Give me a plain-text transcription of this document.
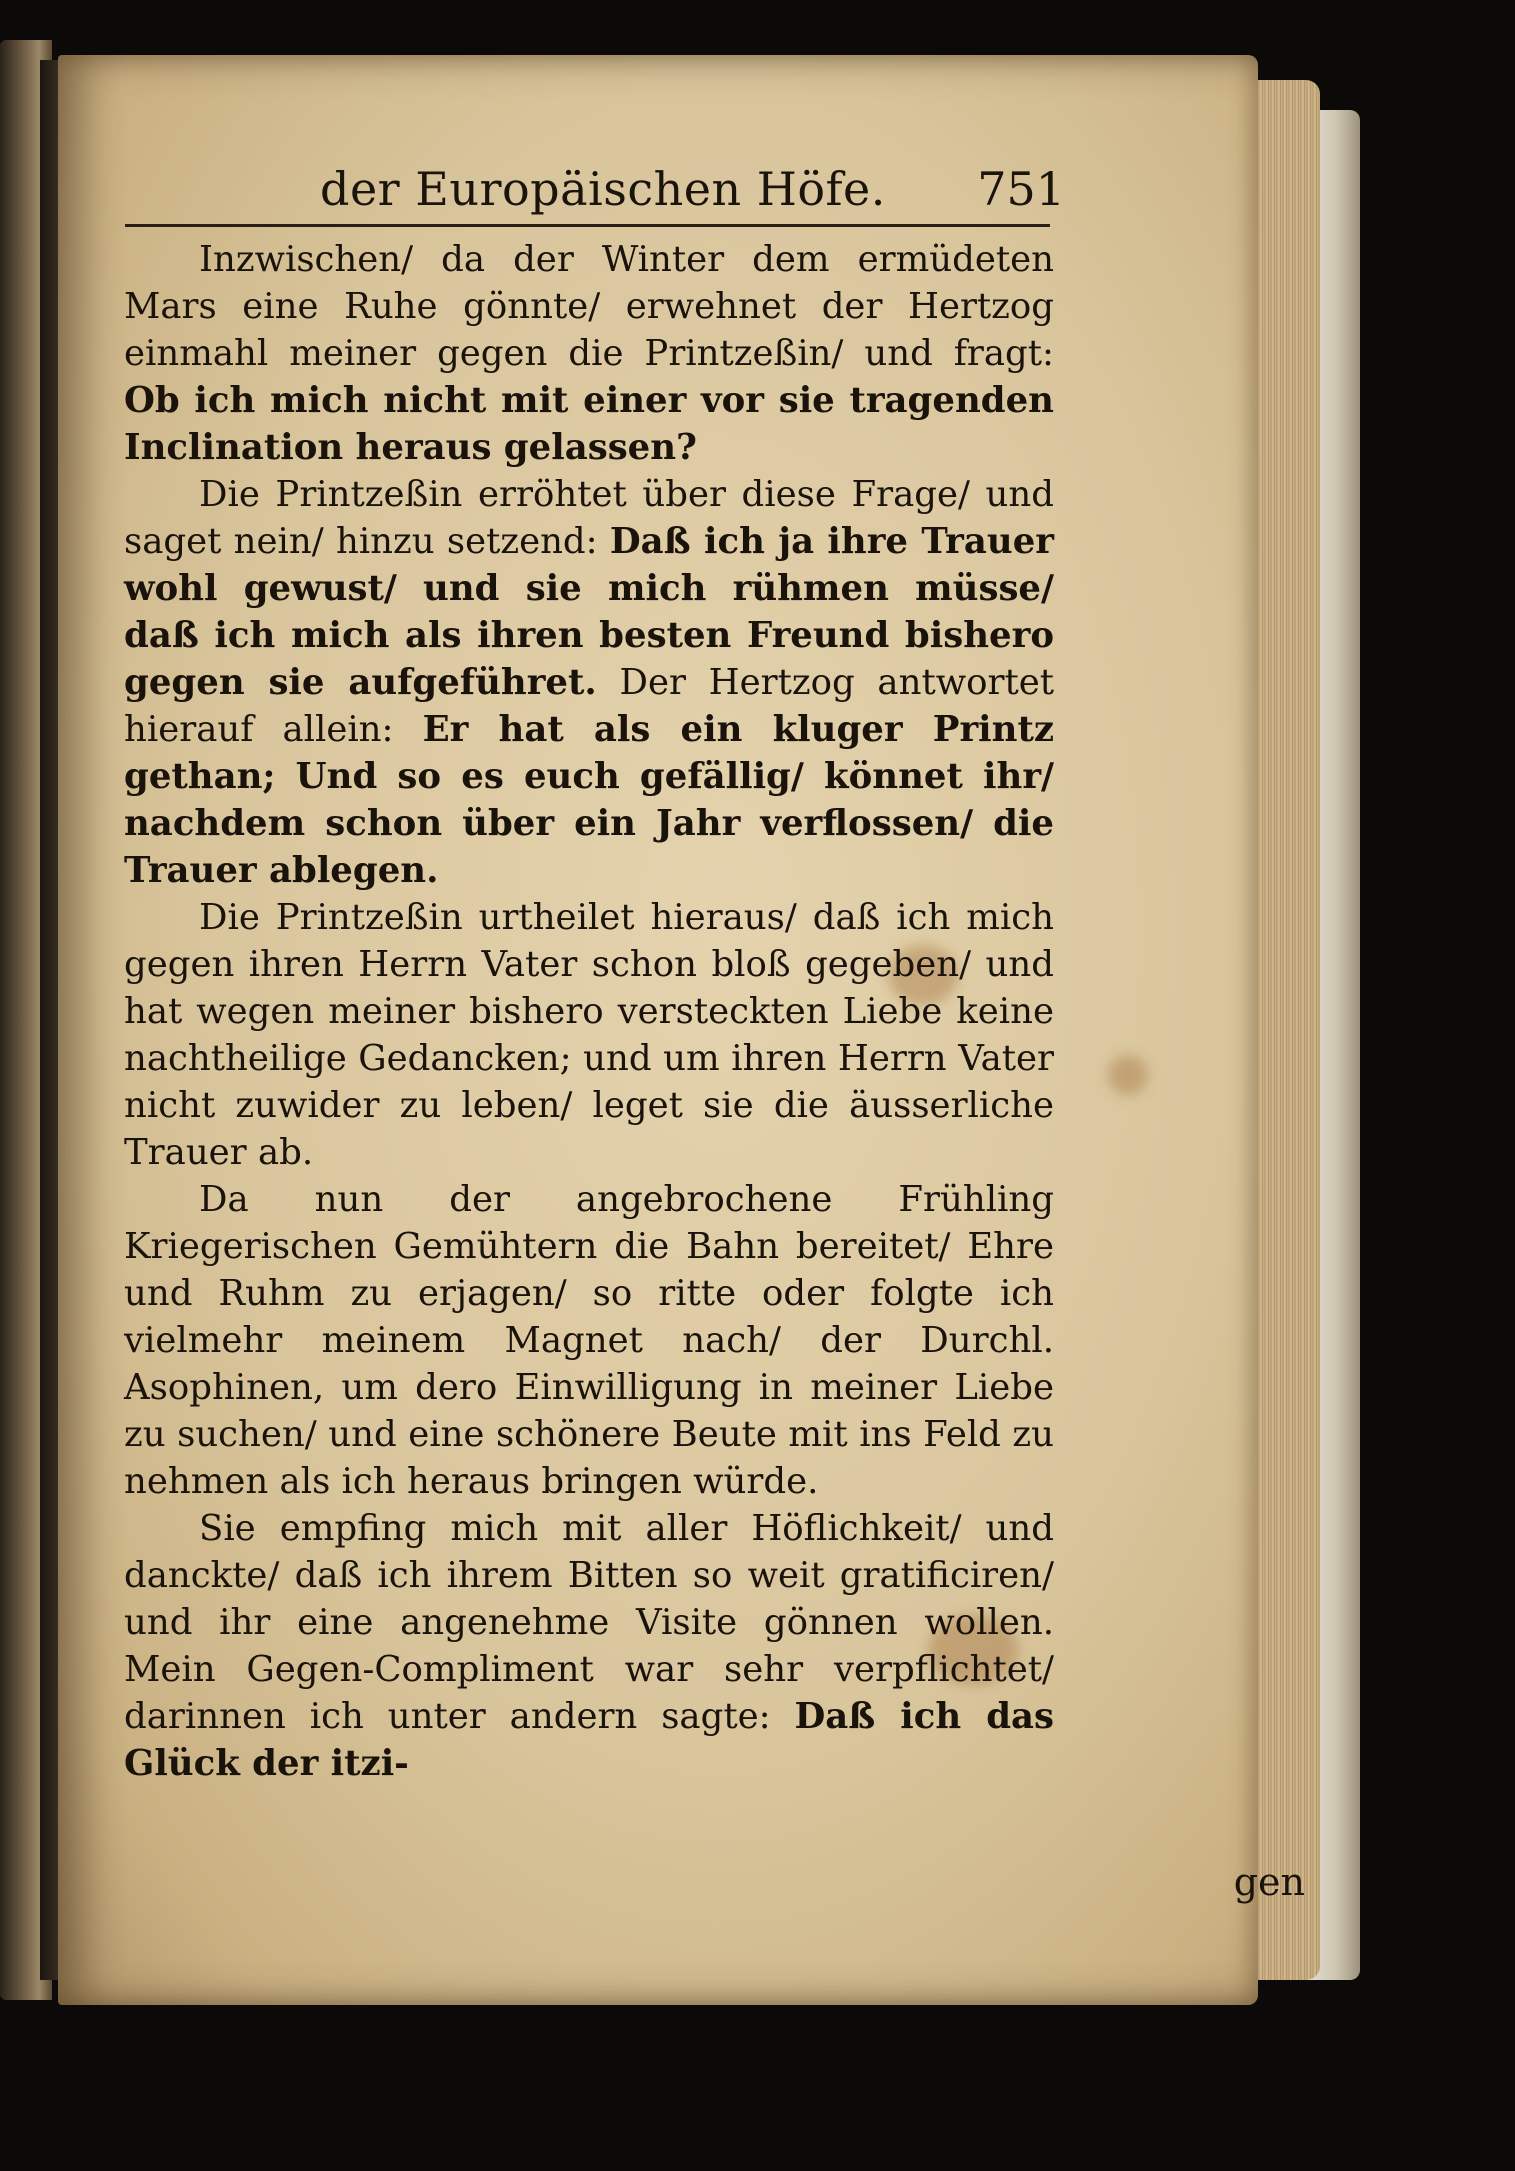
der Europäischen Höfe. 751

Inzwischen/ da der Winter dem ermüdeten Mars eine Ruhe gönnte/ erwehnet der Hertzog einmahl meiner gegen die Printzeßin/ und fragt: Ob ich mich nicht mit einer vor sie tragenden Inclination heraus gelassen?

Die Printzeßin erröhtet über diese Frage/ und saget nein/ hinzu setzend: Daß ich ja ihre Trauer wohl gewust/ und sie mich rühmen müsse/ daß ich mich als ihren besten Freund bishero gegen sie aufgeführet. Der Hertzog antwortet hierauf allein: Er hat als ein kluger Printz gethan; Und so es euch gefällig/ könnet ihr/ nachdem schon über ein Jahr verflossen/ die Trauer ablegen.

Die Printzeßin urtheilet hieraus/ daß ich mich gegen ihren Herrn Vater schon bloß gegeben/ und hat wegen meiner bishero versteckten Liebe keine nachtheilige Gedancken; und um ihren Herrn Vater nicht zuwider zu leben/ leget sie die äusserliche Trauer ab.

Da nun der angebrochene Frühling Kriegerischen Gemühtern die Bahn bereitet/ Ehre und Ruhm zu erjagen/ so ritte oder folgte ich vielmehr meinem Magnet nach/ der Durchl. Asophinen, um dero Einwilligung in meiner Liebe zu suchen/ und eine schönere Beute mit ins Feld zu nehmen als ich heraus bringen würde.

Sie empfing mich mit aller Höflichkeit/ und danckte/ daß ich ihrem Bitten so weit gratificiren/ und ihr eine angenehme Visite gönnen wollen. Mein Gegen-Compliment war sehr verpflichtet/ darinnen ich unter andern sagte: Daß ich das Glück der itzi-

gen
